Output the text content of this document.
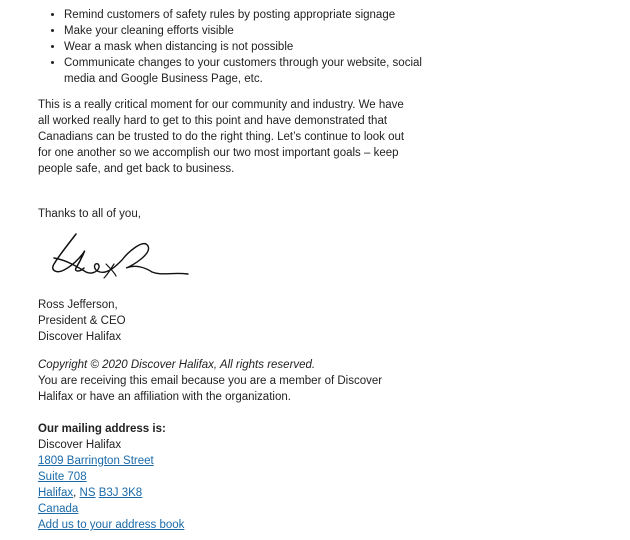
• Remind customers of safety rules by posting appropriate signage
• Make your cleaning efforts visible
• Wear a mask when distancing is not possible
• Communicate changes to your customers through your website, social media and Google Business Page, etc.

This is a really critical moment for our community and industry. We have all worked really hard to get to this point and have demonstrated that Canadians can be trusted to do the right thing. Let’s continue to look out for one another so we accomplish our two most important goals – keep people safe, and get back to business.

Thanks to all of you,

Ross Jefferson,
President & CEO
Discover Halifax
Copyright © 2020 Discover Halifax, All rights reserved.
You are receiving this email because you are a member of Discover Halifax or have an affiliation with the organization.
Our mailing address is:
Discover Halifax
1809 Barrington Street
Suite 708
Halifax, NS B3J 3K8
Canada
Add us to your address book
